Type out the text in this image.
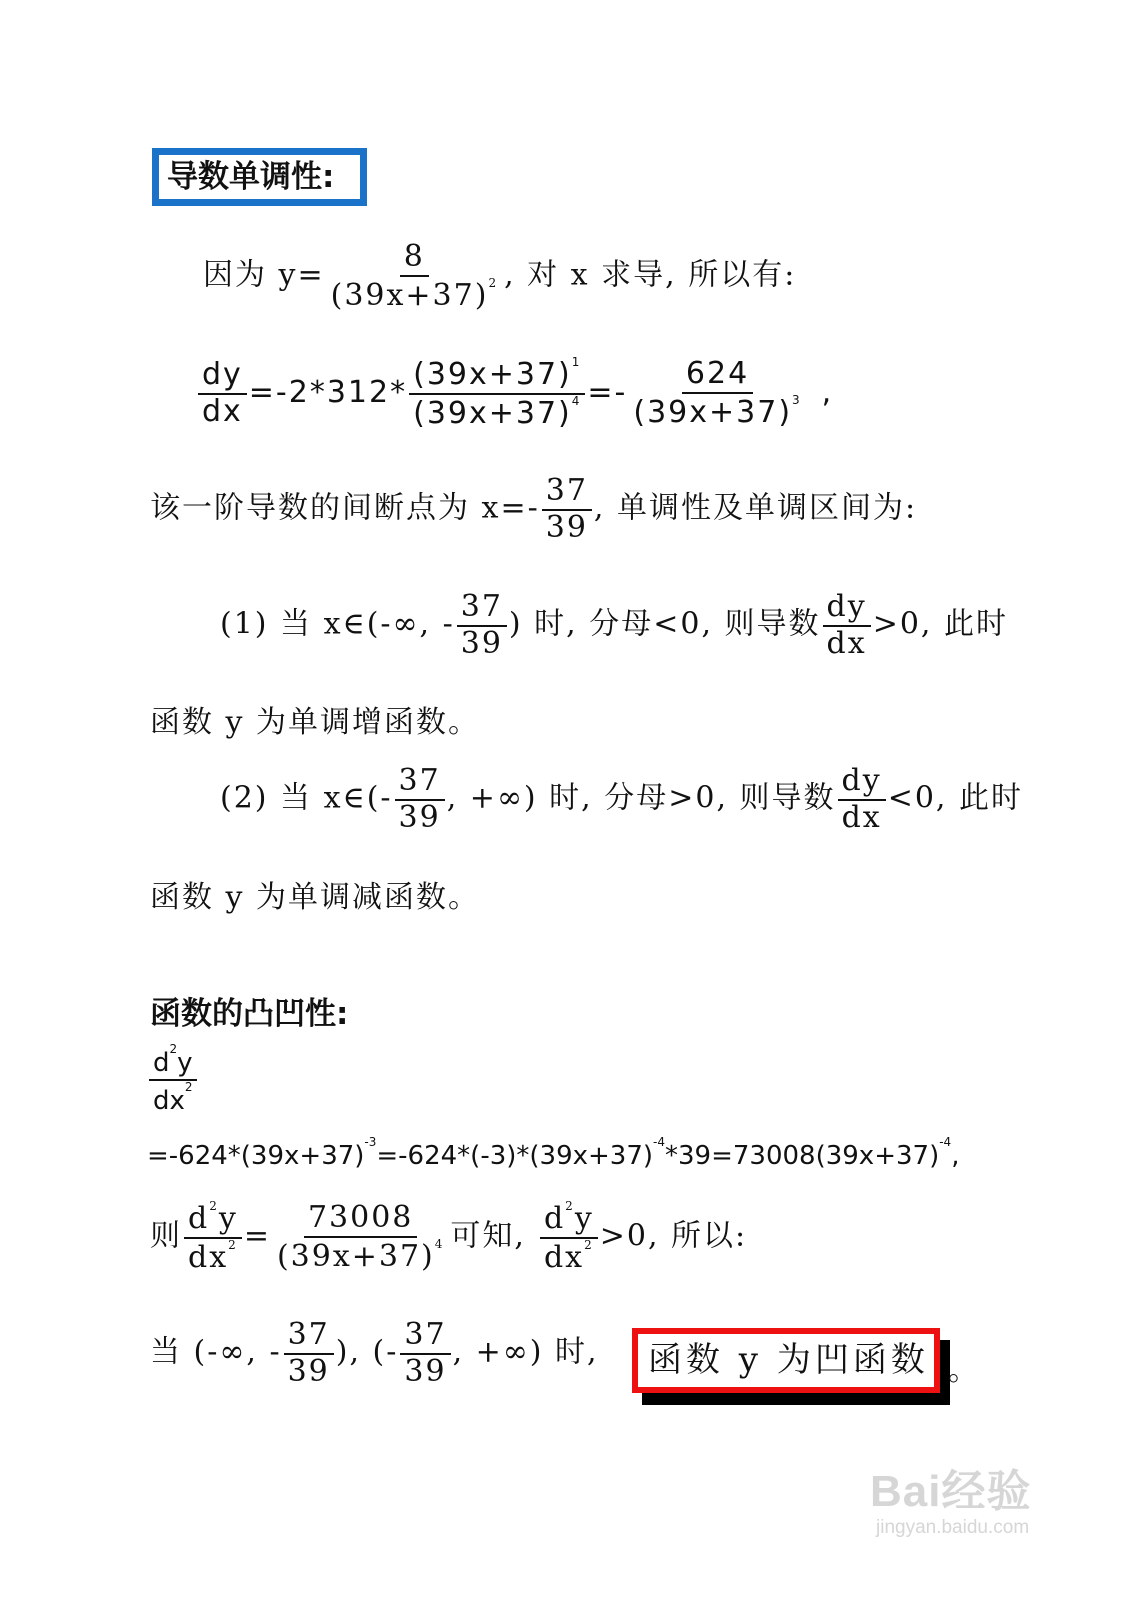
导数单调性:
因为 $y= \frac{8}{(39x+37)^2}$ , 对 x 求导, 所以有:
$\frac{dy}{dx} =-2*312* \frac{(39x+37)^1}{(39x+37)^4} =- \frac{624}{(39x+37)^3}$ ,
该一阶导数的间断点为 $x=- \frac{37}{39}$ , 单调性及单调区间为:
(1) 当 x∈(-∞, - $\frac{37}{39}$ ) 时, 分母<0, 则导数 $\frac{dy}{dx} >0$, 此时
函数 y 为单调增函数。
(2) 当 x∈(- $\frac{37}{39}$ , +∞) 时, 分母>0, 则导数 $\frac{dy}{dx} <0$, 此时
函数 y 为单调减函数。
函数的凸凹性:
$\frac{d^2y}{dx^2}$
$=-624*(39x+37)^{-3}=-624*(-3)*(39x+37)^{-4}*39=73008(39x+37)^{-4}$,
则 $\frac{d^2y}{dx^2} = \frac{73008}{(39x+37)^4}$ 可知, $\frac{d^2y}{dx^2} >0$, 所以:
当 (-∞, - $\frac{37}{39}$ ), (- $\frac{37}{39}$ , +∞) 时,	函数 y 为凹函数 。
Bai经验
jingyan.baidu.com
